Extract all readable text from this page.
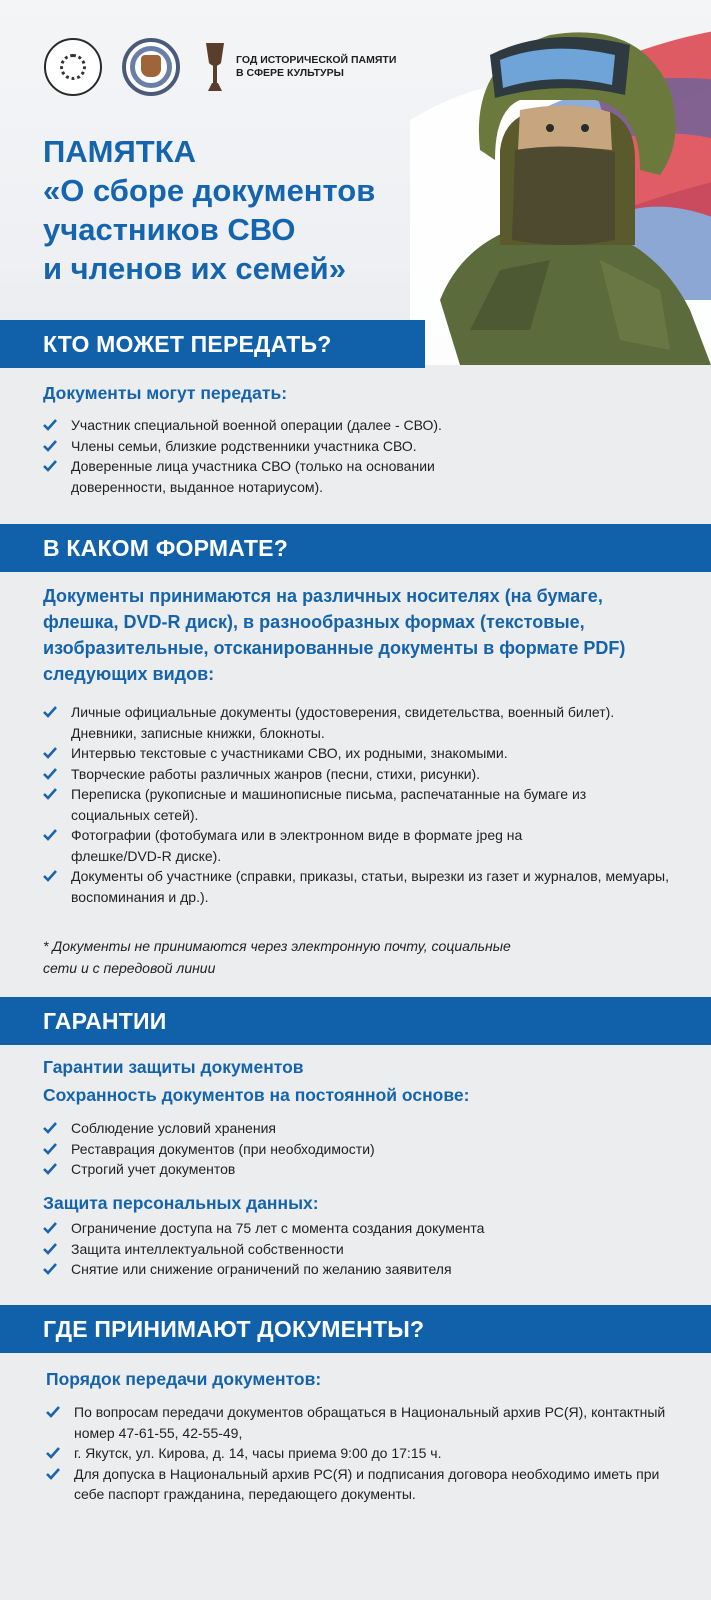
ГОД ИСТОРИЧЕСКОЙ ПАМЯТИ В СФЕРЕ КУЛЬТУРЫ
ПАМЯТКА
«О сборе документов
участников СВО
и членов их семей»
КТО МОЖЕТ ПЕРЕДАТЬ?
Документы могут передать:
Участник специальной военной операции (далее - СВО).
Члены семьи, близкие родственники участника СВО.
Доверенные лица участника СВО (только на основании доверенности, выданное нотариусом).
В КАКОМ ФОРМАТЕ?
Документы принимаются на различных носителях (на бумаге, флешка, DVD-R диск), в разнообразных формах (текстовые, изобразительные, отсканированные документы в формате PDF) следующих видов:
Личные официальные документы (удостоверения, свидетельства, военный билет). Дневники, записные книжки, блокноты.
Интервью текстовые с участниками СВО, их родными, знакомыми.
Творческие работы различных жанров (песни, стихи, рисунки).
Переписка (рукописные и машинописные письма, распечатанные на бумаге из социальных сетей).
Фотографии (фотобумага или в электронном виде в формате jpeg на флешке/DVD-R диске).
Документы об участнике (справки, приказы, статьи, вырезки из газет и журналов, мемуары, воспоминания и др.).
* Документы не принимаются через электронную почту, социальные сети и с передовой линии
ГАРАНТИИ
Гарантии защиты документов
Сохранность документов на постоянной основе:
Соблюдение условий хранения
Реставрация документов (при необходимости)
Строгий учет документов
Защита персональных данных:
Ограничение доступа на 75 лет с момента создания документа
Защита интеллектуальной собственности
Снятие или снижение ограничений по желанию заявителя
ГДЕ ПРИНИМАЮТ ДОКУМЕНТЫ?
Порядок передачи документов:
По вопросам передачи документов обращаться в Национальный архив РС(Я), контактный номер 47-61-55, 42-55-49,
г. Якутск, ул. Кирова, д. 14, часы приема 9:00 до 17:15 ч.
Для допуска в Национальный архив РС(Я) и подписания договора необходимо иметь при себе паспорт гражданина, передающего документы.
